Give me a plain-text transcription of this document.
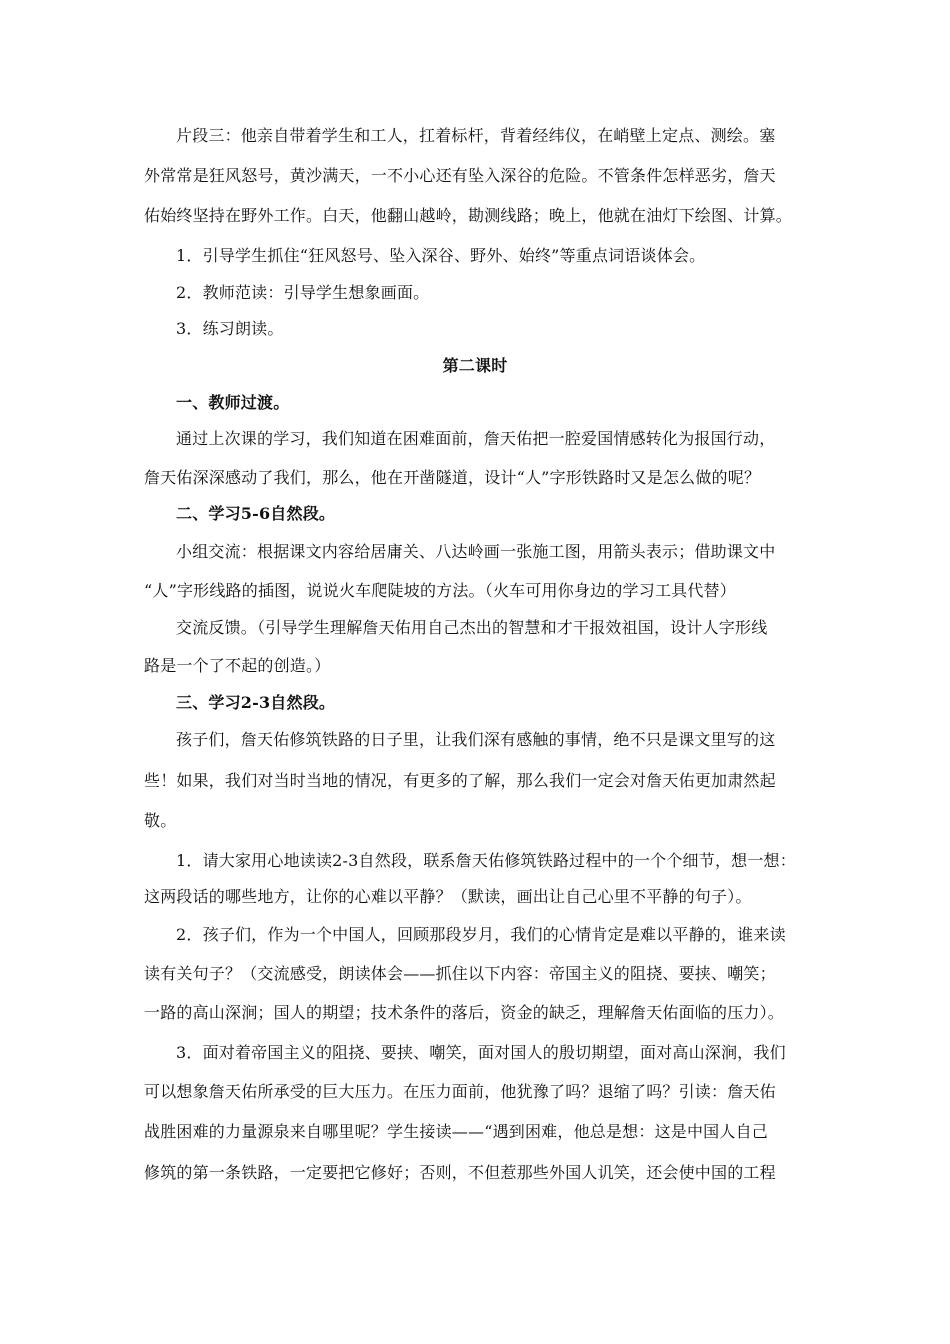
片段三：他亲自带着学生和工人，扛着标杆，背着经纬仪，在峭壁上定点、测绘。塞
外常常是狂风怒号，黄沙满天，一不小心还有坠入深谷的危险。不管条件怎样恶劣，詹天
佑始终坚持在野外工作。白天，他翻山越岭，勘测线路；晚上，他就在油灯下绘图、计算。
1．引导学生抓住“狂风怒号、坠入深谷、野外、始终”等重点词语谈体会。
2．教师范读：引导学生想象画面。
3．练习朗读。
第二课时
一、教师过渡。
通过上次课的学习，我们知道在困难面前，詹天佑把一腔爱国情感转化为报国行动，
詹天佑深深感动了我们，那么，他在开凿隧道，设计“人”字形铁路时又是怎么做的呢？
二、学习5-6自然段。
小组交流：根据课文内容给居庸关、八达岭画一张施工图，用箭头表示；借助课文中
“人”字形线路的插图，说说火车爬陡坡的方法。（火车可用你身边的学习工具代替）
交流反馈。（引导学生理解詹天佑用自己杰出的智慧和才干报效祖国，设计人字形线
路是一个了不起的创造。）
三、学习2-3自然段。
孩子们，詹天佑修筑铁路的日子里，让我们深有感触的事情，绝不只是课文里写的这
些！如果，我们对当时当地的情况，有更多的了解，那么我们一定会对詹天佑更加肃然起
敬。
1．请大家用心地读读2-3自然段，联系詹天佑修筑铁路过程中的一个个细节，想一想：
这两段话的哪些地方，让你的心难以平静？（默读，画出让自己心里不平静的句子）。
2．孩子们，作为一个中国人，回顾那段岁月，我们的心情肯定是难以平静的，谁来读
读有关句子？（交流感受，朗读体会——抓住以下内容：帝国主义的阻挠、要挟、嘲笑；
一路的高山深涧；国人的期望；技术条件的落后，资金的缺乏，理解詹天佑面临的压力）。
3．面对着帝国主义的阻挠、要挟、嘲笑，面对国人的殷切期望，面对高山深涧，我们
可以想象詹天佑所承受的巨大压力。在压力面前，他犹豫了吗？退缩了吗？引读：詹天佑
战胜困难的力量源泉来自哪里呢？学生接读——“遇到困难，他总是想：这是中国人自己
修筑的第一条铁路，一定要把它修好；否则，不但惹那些外国人讥笑，还会使中国的工程
